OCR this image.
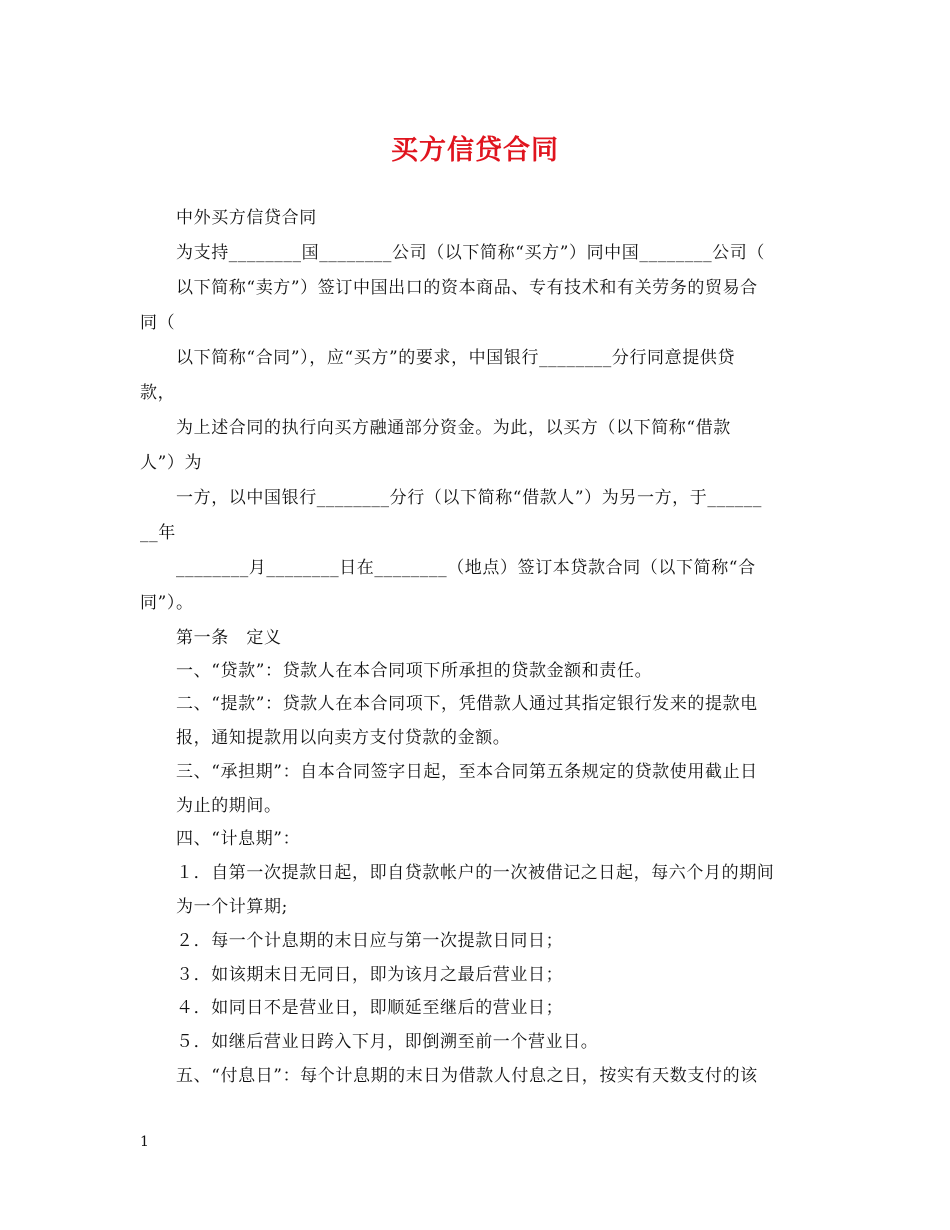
买方信贷合同
中外买方信贷合同
为支持________国________公司（以下简称“买方”）同中国________公司（
以下简称“卖方”）签订中国出口的资本商品、专有技术和有关劳务的贸易合
同（
以下简称“合同”），应“买方”的要求，中国银行________分行同意提供贷
款，
为上述合同的执行向买方融通部分资金。为此，以买方（以下简称“借款
人”）为
一方，以中国银行________分行（以下简称“借款人”）为另一方，于______
__年
________月________日在________（地点）签订本贷款合同（以下简称“合
同”）。
第一条　定义
一、“贷款”：贷款人在本合同项下所承担的贷款金额和责任。
二、“提款”：贷款人在本合同项下，凭借款人通过其指定银行发来的提款电
报，通知提款用以向卖方支付贷款的金额。
三、“承担期”：自本合同签字日起，至本合同第五条规定的贷款使用截止日
为止的期间。
四、“计息期”：
１．自第一次提款日起，即自贷款帐户的一次被借记之日起，每六个月的期间
为一个计算期;
２．每一个计息期的末日应与第一次提款日同日；
３．如该期末日无同日，即为该月之最后营业日；
４．如同日不是营业日，即顺延至继后的营业日；
５．如继后营业日跨入下月，即倒溯至前一个营业日。
五、“付息日”：每个计息期的末日为借款人付息之日，按实有天数支付的该
1
